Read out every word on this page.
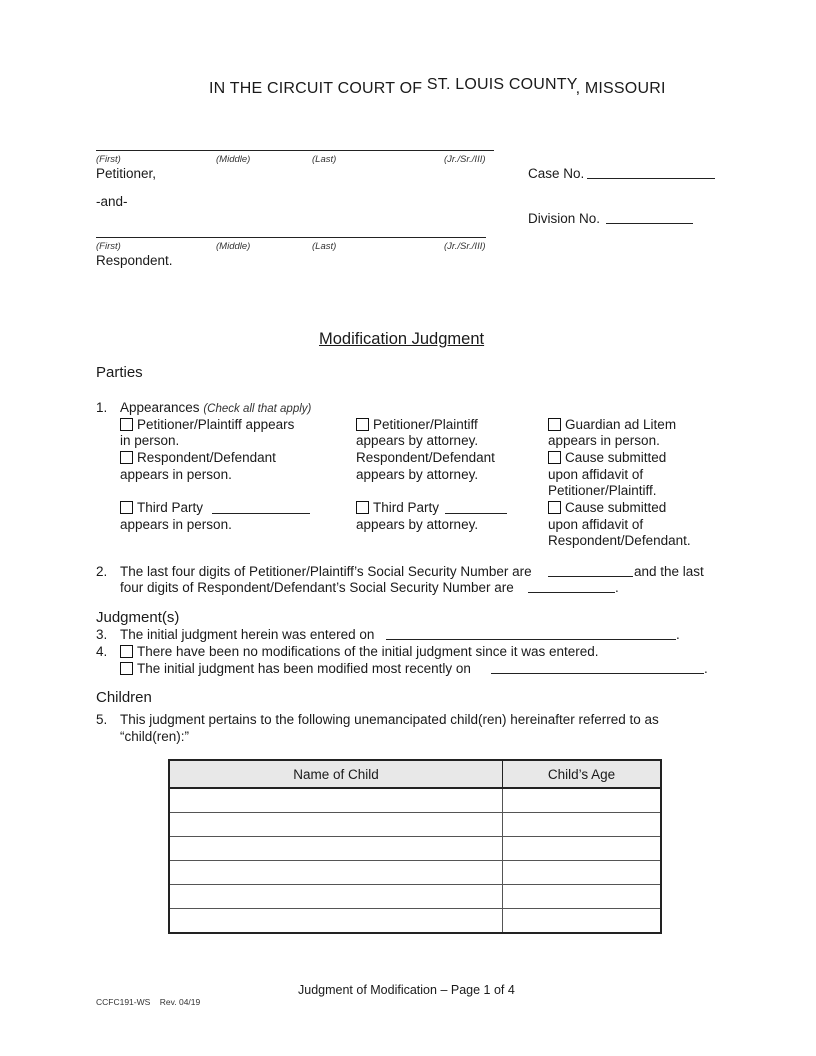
IN THE CIRCUIT COURT OF ST. LOUIS COUNTY, MISSOURI
(First)	(Middle)	(Last)	(Jr./Sr./III)
Petitioner,	Case No.
-and-
Division No.
(First)	(Middle)	(Last)	(Jr./Sr./III)
Respondent.
Modification Judgment
Parties
1. Appearances (Check all that apply)
Petitioner/Plaintiff appears
in person.
Respondent/Defendant
appears in person.
Third Party
appears in person.
Petitioner/Plaintiff
appears by attorney.
Respondent/Defendant
appears by attorney.
Third Party
appears by attorney.
Guardian ad Litem
appears in person.
Cause submitted
upon affidavit of
Petitioner/Plaintiff.
Cause submitted
upon affidavit of
Respondent/Defendant.
2. The last four digits of Petitioner/Plaintiff’s Social Security Number are	and the last
four digits of Respondent/Defendant’s Social Security Number are	.
Judgment(s)
3. The initial judgment herein was entered on	.
4.	There have been no modifications of the initial judgment since it was entered.
The initial judgment has been modified most recently on	.
Children
5. This judgment pertains to the following unemancipated child(ren) hereinafter referred to as
“child(ren):”
Name of Child	Child’s Age

Judgment of Modification – Page 1 of 4
CCFC191-WS    Rev. 04/19
